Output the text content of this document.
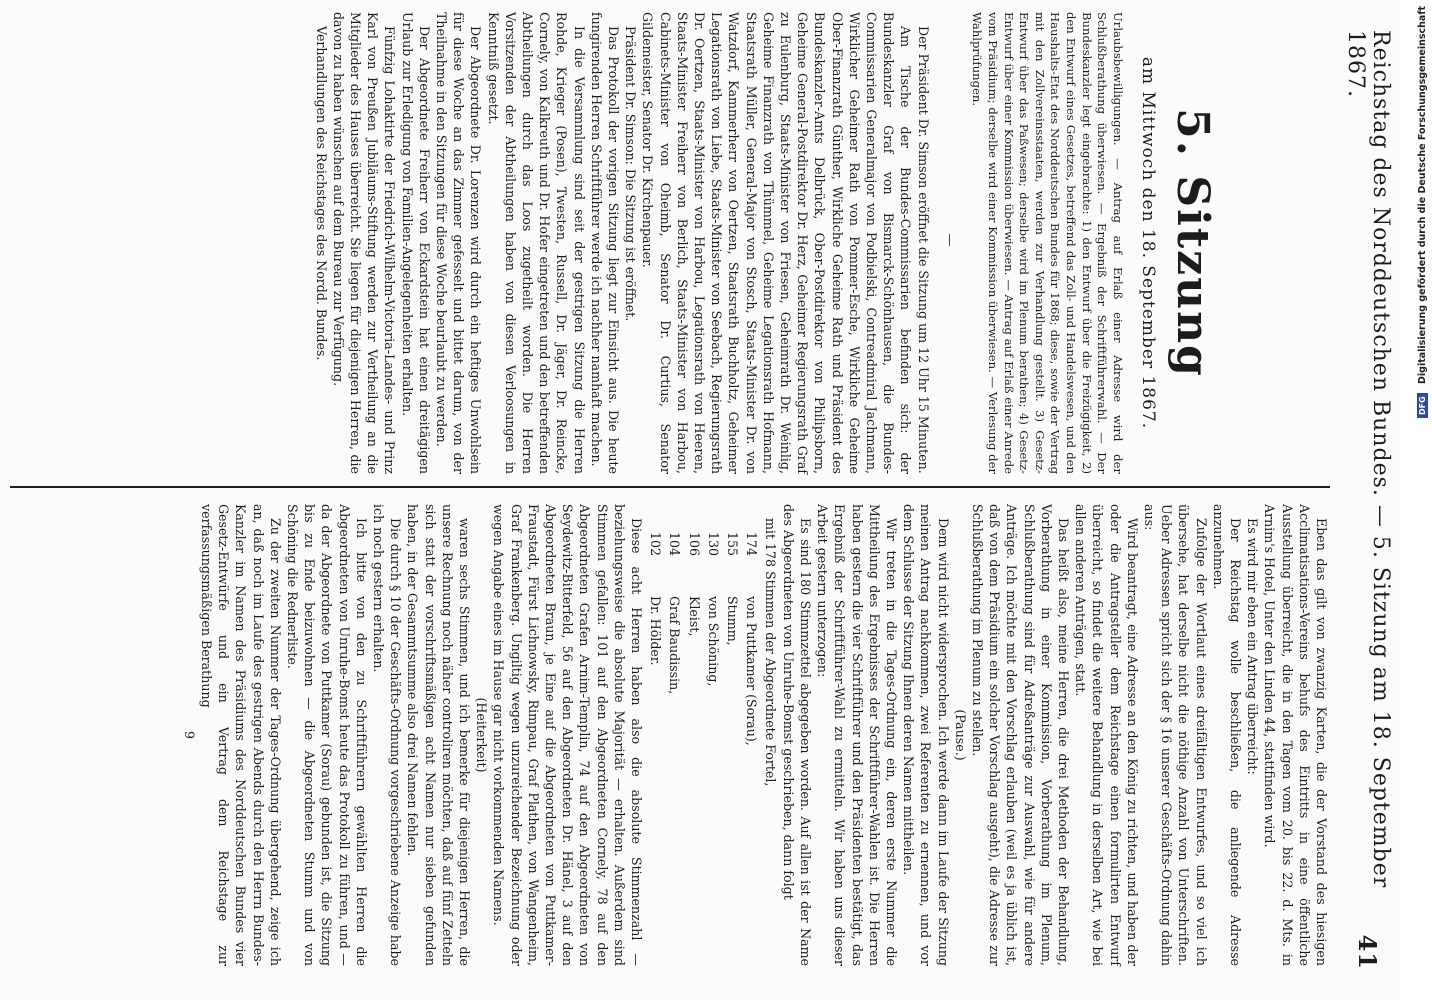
Reichstag des Norddeutschen Bundes. — 5. Sitzung am 18. September 1867.
41
5. Sitzung
am Mittwoch den 18. September 1867.

Urlaubsbewilligungen. — Antrag auf Erlaß einer Adresse wird der Schlußberathung überwiesen. — Ergebniß der Schriftführerwahl. — Der Bundeskanzler legt eingebrachte: 1) den Entwurf über die Freizügigkeit, 2) den Entwurf eines Gesetzes, betreffend das Zoll- und Handelswesen, und den Haushalts-Etat des Norddeutschen Bundes für 1868; diese, sowie der Vertrag mit den Zollvereinsstaaten, werden zur Verhandlung gestellt. 3) Gesetz-Entwurf über das Paßwesen; derselbe wird im Plenum berathen; 4) Gesetz-Entwurf über einer Kommission überwiesen. — Antrag auf Erlaß einer Anrede vom Präsidium; derselbe wird einer Kommission überwiesen. — Verlesung der Wahlprüfungen.

—

Der Präsident Dr. Simson eröffnet die Sitzung um 12 Uhr 15 Minuten.

Am Tische der Bundes-Commissarien befinden sich: der Bundeskanzler Graf von Bismarck-Schönhausen, die Bundes-Commissarien Generalmajor von Podbielski, Contreadmiral Jachmann, Wirklicher Geheimer Rath von Pommer-Esche, Wirkliche Geheime Ober-Finanzrath Günther, Wirkliche Geheime Rath und Präsident des Bundeskanzler-Amts Delbrück, Ober-Postdirektor von Philipsborn, Geheime General-Postdirektor Dr. Herz, Geheimer Regierungsrath Graf zu Eulenburg, Staats-Minister von Friesen, Geheimrath Dr. Weinlig, Geheime Finanzrath von Thümmel, Geheime Legationsrath Hofmann, Staatsrath Müller, General-Major von Stosch, Staats-Minister Dr. von Watzdorf, Kammerherr von Oertzen, Staatsrath Buchholtz, Geheimer Legationsrath von Liebe, Staats-Minister von Seebach, Regierungsrath Dr. Oertzen, Staats-Minister von Harbou, Legationsrath von Heeren, Staats-Minister Freiherr von Berlich, Staats-Minister von Harbou, Cabinets-Minister von Oheimb, Senator Dr. Curtius, Senator Gildemeister, Senator Dr. Kirchenpauer.

Präsident Dr. Simson: Die Sitzung ist eröffnet.

Das Protokoll der vorigen Sitzung liegt zur Einsicht aus. Die heute fungirenden Herren Schriftführer werde ich nachher namhaft machen.

In die Versammlung sind seit der gestrigen Sitzung die Herren Rohde, Krieger (Posen), Twesten, Russell, Dr. Jäger, Dr. Reincke, Cornely, von Kalkreuth und Dr. Hofer eingetreten und den betreffenden Abtheilungen durch das Loos zugetheilt worden. Die Herren Vorsitzenden der Abtheilungen haben von diesen Verloosungen in Kenntniß gesetzt.

Der Abgeordnete Dr. Lorenzen wird durch ein heftiges Unwohlsein für diese Woche an das Zimmer gefesselt und bittet darum, von der Theilnahme in den Sitzungen für diese Woche beurlaubt zu werden.

Der Abgeordnete Freiherr von Eckardstein hat einen dreitägigen Urlaub zur Erledigung von Familien-Angelegenheiten erhalten.

Fünfzig Lohaktirte der Friedrich-Wilhelm-Victoria-Landes- und Prinz Karl von Preußen Jubiläums-Stiftung werden zur Vertheilung an die Mitglieder des Hauses überreicht. Sie liegen für diejenigen Herren, die davon zu haben wünschen auf dem Bureau zur Verfügung.

Verhandlungen des Reichstages des Nordd. Bundes.

Eben das gilt von zwanzig Karten, die der Vorstand des hiesigen Acclimatisations-Vereins behufs des Eintritts in eine öffentliche Ausstellung überreicht, die in den Tagen vom 20. bis 22. d. Mts. in Arnim's Hotel, Unter den Linden 44, stattfinden wird.

Es wird mir eben ein Antrag überreicht:

Der Reichstag wolle beschließen, die anliegende Adresse anzunehmen.

Zufolge der Wortlaut eines dreifältigen Entwurfes, und so viel ich übersehe, hat derselbe nicht die nöthige Anzahl von Unterschriften. Ueber Adressen spricht sich der § 16 unserer Geschäfts-Ordnung dahin aus:

Wird beantragt, eine Adresse an den König zu richten, und haben der oder die Antragsteller dem Reichstage einen formulirten Entwurf überreicht, so findet die weitere Behandlung in derselben Art, wie bei allen anderen Anträgen, statt.

Das heißt also, meine Herren, die drei Methoden der Behandlung, Vorberathung in einer Kommission, Vorberathung im Plenum, Schlußberathung sind für Adreßanträge zur Auswahl, wie für andere Anträge. Ich möchte mit den Vorschlag erlauben (weil es ja üblich ist, daß von dem Präsidium ein solcher Vorschlag ausgeht), die Adresse zur Schlußberathung im Plenum zu stellen.

(Pause.)

Dem wird nicht widersprochen. Ich werde dann im Laufe der Sitzung meinen Antrag nachkommen, zwei Referenten zu ernennen, und vor dem Schlusse der Sitzung Ihnen deren Namen mittheilen.

Wir treten in die Tages-Ordnung ein, deren erste Nummer die Mittheilung des Ergebnisses der Schriftführer-Wahlen ist. Die Herren haben gestern die vier Schriftführer und den Präsidenten bestätigt, das Ergebniß der Schriftführer-Wahl zu ermitteln. Wir haben uns dieser Arbeit gestern unterzogen:

Es sind 180 Stimmzettel abgegeben worden. Auf allen ist der Name des Abgeordneten von Unruhe-Bomst geschrieben, dann folgt

mit 178 Stimmen der Abgeordnete Fortel,

174
von Puttkamer (Sorau),
155
Stumm,
130
von Schöning,
106
Kleist,
104
Graf Baudissin,
102
Dr. Hölder.

Diese acht Herren haben also die absolute Stimmenzahl — beziehungsweise die absolute Majorität — erhalten. Außerdem sind Stimmen gefallen: 101 auf den Abgeordneten Cornely, 78 auf den Abgeordneten Grafen Arnim-Templin, 74 auf den Abgeordneten von Seydewitz-Bitterfeld, 56 auf den Abgeordneten Dr. Hänel, 3 auf den Abgeordneten Braun, je Eine auf die Abgeordneten von Puttkamer-Fraustadt, Fürst Lichnowsky, Rimpau, Graf Plathen, von Wangenheim, Graf Frankenberg. Ungiltig wegen unzureichender Bezeichnung oder wegen Angabe eines im Hause gar nicht vorkommenden Namens.

(Heiterkeit)

waren sechs Stimmen, und ich bemerke für diejenigen Herren, die unsere Rechnung noch näher controliren möchten, daß auf fünf Zetteln sich statt der vorschriftsmäßigen acht Namen nur sieben gefunden haben, in der Gesammtsumme also drei Namen fehlen.

Die durch § 10 der Geschäfts-Ordnung vorgeschriebene Anzeige habe ich noch gestern erhalten.

Ich bitte von den zu Schriftführern gewählten Herren die Abgeordneten von Unruhe-Bomst heute das Protokoll zu führen, und — da der Abgeordnete von Puttkamer (Sorau) gebunden ist, die Sitzung bis zu Ende beizuwohnen — die Abgeordneten Stumm und von Schöning die Rednerliste.

Zu der zweiten Nummer der Tages-Ordnung übergehend, zeige ich an, daß noch im Laufe des gestrigen Abends durch den Herrn Bundes-Kanzler im Namen des Präsidiums des Norddeutschen Bundes vier Gesetz-Entwürfe und ein Vertrag dem Reichstage zur verfassungsmäßigen Berathung

9

DFG Digitalisierung gefördert durch die Deutsche Forschungsgemeinschaft
